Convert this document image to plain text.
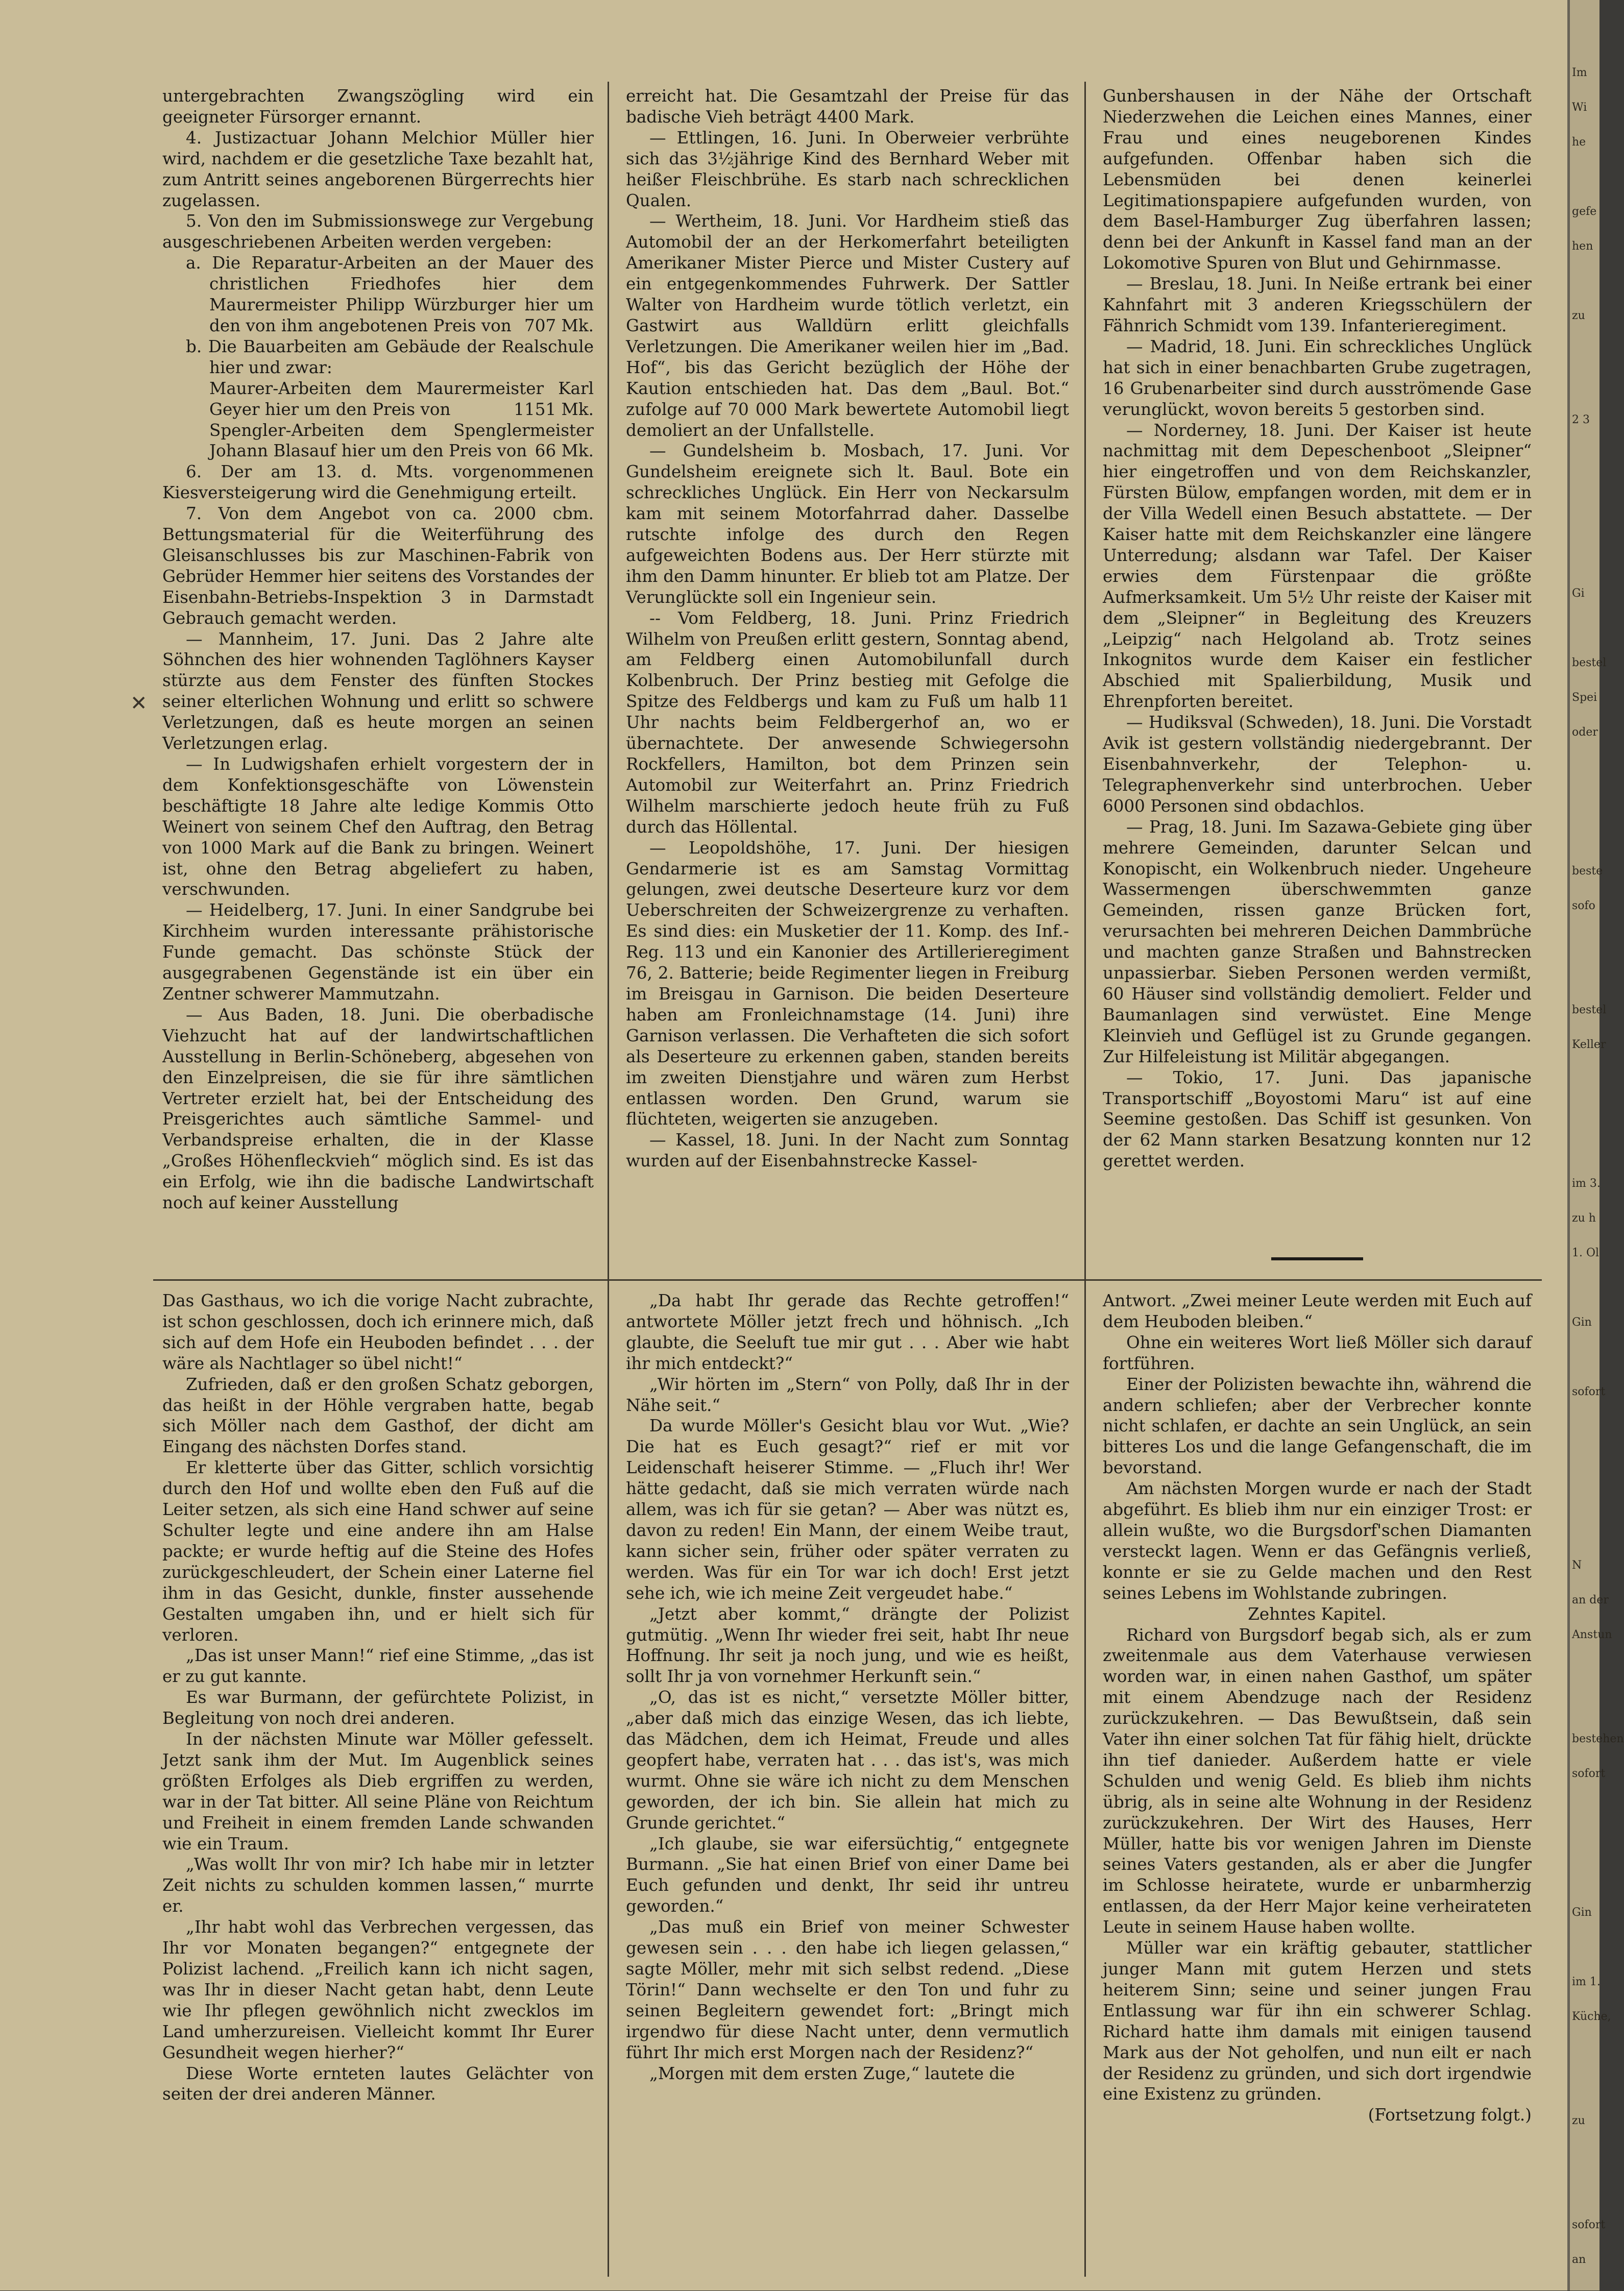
untergebrachten Zwangszögling wird ein geeigneter Fürsorger ernannt.

4. Justizactuar Johann Melchior Müller hier wird, nachdem er die gesetzliche Taxe bezahlt hat, zum Antritt seines angeborenen Bürgerrechts hier zugelassen.

5. Von den im Submissionswege zur Vergebung ausgeschriebenen Arbeiten werden vergeben:

a. Die Reparatur-Arbeiten an der Mauer des christlichen Friedhofes hier dem Maurermeister Philipp Würzburger hier um den von ihm angebotenen Preis von 707 Mk.

b. Die Bauarbeiten am Gebäude der Realschule hier und zwar:

Maurer-Arbeiten dem Maurermeister Karl Geyer hier um den Preis von	1151 Mk.

Spengler-Arbeiten dem Spenglermeister Johann Blasauf hier um den Preis von 66 Mk.

6. Der am 13. d. Mts. vorgenommenen Kiesversteigerung wird die Genehmigung erteilt.

7. Von dem Angebot von ca. 2000 cbm. Bettungsmaterial für die Weiterführung des Gleisanschlusses bis zur Maschinen-Fabrik von Gebrüder Hemmer hier seitens des Vorstandes der Eisenbahn-Betriebs-Inspektion 3 in Darmstadt Gebrauch gemacht werden.

— Mannheim, 17. Juni. Das 2 Jahre alte Söhnchen des hier wohnenden Taglöhners Kayser stürzte aus dem Fenster des fünften Stockes seiner elterlichen Wohnung und erlitt so schwere Verletzungen, daß es heute morgen an seinen Verletzungen erlag.

— In Ludwigshafen erhielt vorgestern der in dem Konfektionsgeschäfte von Löwenstein beschäftigte 18 Jahre alte ledige Kommis Otto Weinert von seinem Chef den Auftrag, den Betrag von 1000 Mark auf die Bank zu bringen. Weinert ist, ohne den Betrag abgeliefert zu haben, verschwunden.

— Heidelberg, 17. Juni. In einer Sandgrube bei Kirchheim wurden interessante prähistorische Funde gemacht. Das schönste Stück der ausgegrabenen Gegenstände ist ein über ein Zentner schwerer Mammutzahn.

— Aus Baden, 18. Juni. Die oberbadische Viehzucht hat auf der landwirtschaftlichen Ausstellung in Berlin-Schöneberg, abgesehen von den Einzelpreisen, die sie für ihre sämtlichen Vertreter erzielt hat, bei der Entscheidung des Preisgerichtes auch sämtliche Sammel- und Verbandspreise erhalten, die in der Klasse „Großes Höhenfleckvieh“ möglich sind. Es ist das ein Erfolg, wie ihn die badische Landwirtschaft noch auf keiner Ausstellung

erreicht hat. Die Gesamtzahl der Preise für das badische Vieh beträgt 4400 Mark.

— Ettlingen, 16. Juni. In Oberweier verbrühte sich das 3½jährige Kind des Bernhard Weber mit heißer Fleischbrühe. Es starb nach schrecklichen Qualen.

— Wertheim, 18. Juni. Vor Hardheim stieß das Automobil der an der Herkomerfahrt beteiligten Amerikaner Mister Pierce und Mister Custery auf ein entgegenkommendes Fuhrwerk. Der Sattler Walter von Hardheim wurde tötlich verletzt, ein Gastwirt aus Walldürn erlitt gleichfalls Verletzungen. Die Amerikaner weilen hier im „Bad. Hof“, bis das Gericht bezüglich der Höhe der Kaution entschieden hat. Das dem „Baul. Bot.“ zufolge auf 70 000 Mark bewertete Automobil liegt demoliert an der Unfallstelle.

— Gundelsheim b. Mosbach, 17. Juni. Vor Gundelsheim ereignete sich lt. Baul. Bote ein schreckliches Unglück. Ein Herr von Neckarsulm kam mit seinem Motorfahrrad daher. Dasselbe rutschte infolge des durch den Regen aufgeweichten Bodens aus. Der Herr stürzte mit ihm den Damm hinunter. Er blieb tot am Platze. Der Verunglückte soll ein Ingenieur sein.

-- Vom Feldberg, 18. Juni. Prinz Friedrich Wilhelm von Preußen erlitt gestern, Sonntag abend, am Feldberg einen Automobilunfall durch Kolbenbruch. Der Prinz bestieg mit Gefolge die Spitze des Feldbergs und kam zu Fuß um halb 11 Uhr nachts beim Feldbergerhof an, wo er übernachtete. Der anwesende Schwiegersohn Rockfellers, Hamilton, bot dem Prinzen sein Automobil zur Weiterfahrt an. Prinz Friedrich Wilhelm marschierte jedoch heute früh zu Fuß durch das Höllental.

— Leopoldshöhe, 17. Juni. Der hiesigen Gendarmerie ist es am Samstag Vormittag gelungen, zwei deutsche Deserteure kurz vor dem Ueberschreiten der Schweizergrenze zu verhaften. Es sind dies: ein Musketier der 11. Komp. des Inf.-Reg. 113 und ein Kanonier des Artillerieregiment 76, 2. Batterie; beide Regimenter liegen in Freiburg im Breisgau in Garnison. Die beiden Deserteure haben am Fronleichnamstage (14. Juni) ihre Garnison verlassen. Die Verhafteten die sich sofort als Deserteure zu erkennen gaben, standen bereits im zweiten Dienstjahre und wären zum Herbst entlassen worden. Den Grund, warum sie flüchteten, weigerten sie anzugeben.

— Kassel, 18. Juni. In der Nacht zum Sonntag wurden auf der Eisenbahnstrecke Kassel-

Gunbershausen in der Nähe der Ortschaft Niederzwehen die Leichen eines Mannes, einer Frau und eines neugeborenen Kindes aufgefunden. Offenbar haben sich die Lebensmüden bei denen keinerlei Legitimationspapiere aufgefunden wurden, von dem Basel-Hamburger Zug überfahren lassen; denn bei der Ankunft in Kassel fand man an der Lokomotive Spuren von Blut und Gehirnmasse.

— Breslau, 18. Juni. In Neiße ertrank bei einer Kahnfahrt mit 3 anderen Kriegsschülern der Fähnrich Schmidt vom 139. Infanterieregiment.

— Madrid, 18. Juni. Ein schreckliches Unglück hat sich in einer benachbarten Grube zugetragen, 16 Grubenarbeiter sind durch ausströmende Gase verunglückt, wovon bereits 5 gestorben sind.

— Norderney, 18. Juni. Der Kaiser ist heute nachmittag mit dem Depeschenboot „Sleipner“ hier eingetroffen und von dem Reichskanzler, Fürsten Bülow, empfangen worden, mit dem er in der Villa Wedell einen Besuch abstattete. — Der Kaiser hatte mit dem Reichskanzler eine längere Unterredung; alsdann war Tafel. Der Kaiser erwies dem Fürstenpaar die größte Aufmerksamkeit. Um 5½ Uhr reiste der Kaiser mit dem „Sleipner“ in Begleitung des Kreuzers „Leipzig“ nach Helgoland ab. Trotz seines Inkognitos wurde dem Kaiser ein festlicher Abschied mit Spalierbildung, Musik und Ehrenpforten bereitet.

— Hudiksval (Schweden), 18. Juni. Die Vorstadt Avik ist gestern vollständig niedergebrannt. Der Eisenbahnverkehr, der Telephon- u. Telegraphenverkehr sind unterbrochen. Ueber 6000 Personen sind obdachlos.

— Prag, 18. Juni. Im Sazawa-Gebiete ging über mehrere Gemeinden, darunter Selcan und Konopischt, ein Wolkenbruch nieder. Ungeheure Wassermengen überschwemmten ganze Gemeinden, rissen ganze Brücken fort, verursachten bei mehreren Deichen Dammbrüche und machten ganze Straßen und Bahnstrecken unpassierbar. Sieben Personen werden vermißt, 60 Häuser sind vollständig demoliert. Felder und Baumanlagen sind verwüstet. Eine Menge Kleinvieh und Geflügel ist zu Grunde gegangen. Zur Hilfeleistung ist Militär abgegangen.

— Tokio, 17. Juni. Das japanische Transportschiff „Boyostomi Maru“ ist auf eine Seemine gestoßen. Das Schiff ist gesunken. Von der 62 Mann starken Besatzung konnten nur 12 gerettet werden.

Das Gasthaus, wo ich die vorige Nacht zubrachte, ist schon geschlossen, doch ich erinnere mich, daß sich auf dem Hofe ein Heuboden befindet . . . der wäre als Nachtlager so übel nicht!“

Zufrieden, daß er den großen Schatz geborgen, das heißt in der Höhle vergraben hatte, begab sich Möller nach dem Gasthof, der dicht am Eingang des nächsten Dorfes stand.

Er kletterte über das Gitter, schlich vorsichtig durch den Hof und wollte eben den Fuß auf die Leiter setzen, als sich eine Hand schwer auf seine Schulter legte und eine andere ihn am Halse packte; er wurde heftig auf die Steine des Hofes zurückgeschleudert, der Schein einer Laterne fiel ihm in das Gesicht, dunkle, finster aussehende Gestalten umgaben ihn, und er hielt sich für verloren.

„Das ist unser Mann!“ rief eine Stimme, „das ist er zu gut kannte.

Es war Burmann, der gefürchtete Polizist, in Begleitung von noch drei anderen.

In der nächsten Minute war Möller gefesselt. Jetzt sank ihm der Mut. Im Augenblick seines größten Erfolges als Dieb ergriffen zu werden, war in der Tat bitter. All seine Pläne von Reichtum und Freiheit in einem fremden Lande schwanden wie ein Traum.

„Was wollt Ihr von mir? Ich habe mir in letzter Zeit nichts zu schulden kommen lassen,“ murrte er.

„Ihr habt wohl das Verbrechen vergessen, das Ihr vor Monaten begangen?“ entgegnete der Polizist lachend. „Freilich kann ich nicht sagen, was Ihr in dieser Nacht getan habt, denn Leute wie Ihr pflegen gewöhnlich nicht zwecklos im Land umherzureisen. Vielleicht kommt Ihr Eurer Gesundheit wegen hierher?“

Diese Worte ernteten lautes Gelächter von seiten der drei anderen Männer.

„Da habt Ihr gerade das Rechte getroffen!“ antwortete Möller jetzt frech und höhnisch. „Ich glaubte, die Seeluft tue mir gut . . . Aber wie habt ihr mich entdeckt?“

„Wir hörten im „Stern“ von Polly, daß Ihr in der Nähe seit.“

Da wurde Möller's Gesicht blau vor Wut. „Wie? Die hat es Euch gesagt?“ rief er mit vor Leidenschaft heiserer Stimme. — „Fluch ihr! Wer hätte gedacht, daß sie mich verraten würde nach allem, was ich für sie getan? — Aber was nützt es, davon zu reden! Ein Mann, der einem Weibe traut, kann sicher sein, früher oder später verraten zu werden. Was für ein Tor war ich doch! Erst jetzt sehe ich, wie ich meine Zeit vergeudet habe.“

„Jetzt aber kommt,“ drängte der Polizist gutmütig. „Wenn Ihr wieder frei seit, habt Ihr neue Hoffnung. Ihr seit ja noch jung, und wie es heißt, sollt Ihr ja von vornehmer Herkunft sein.“

„O, das ist es nicht,“ versetzte Möller bitter, „aber daß mich das einzige Wesen, das ich liebte, das Mädchen, dem ich Heimat, Freude und alles geopfert habe, verraten hat . . . das ist's, was mich wurmt. Ohne sie wäre ich nicht zu dem Menschen geworden, der ich bin. Sie allein hat mich zu Grunde gerichtet.“

„Ich glaube, sie war eifersüchtig,“ entgegnete Burmann. „Sie hat einen Brief von einer Dame bei Euch gefunden und denkt, Ihr seid ihr untreu geworden.“

„Das muß ein Brief von meiner Schwester gewesen sein . . . den habe ich liegen gelassen,“ sagte Möller, mehr mit sich selbst redend. „Diese Törin!“ Dann wechselte er den Ton und fuhr zu seinen Begleitern gewendet fort: „Bringt mich irgendwo für diese Nacht unter, denn vermutlich führt Ihr mich erst Morgen nach der Residenz?“

„Morgen mit dem ersten Zuge,“ lautete die

Antwort. „Zwei meiner Leute werden mit Euch auf dem Heuboden bleiben.“

Ohne ein weiteres Wort ließ Möller sich darauf fortführen.

Einer der Polizisten bewachte ihn, während die andern schliefen; aber der Verbrecher konnte nicht schlafen, er dachte an sein Unglück, an sein bitteres Los und die lange Gefangenschaft, die im bevorstand.

Am nächsten Morgen wurde er nach der Stadt abgeführt. Es blieb ihm nur ein einziger Trost: er allein wußte, wo die Burgsdorf'schen Diamanten versteckt lagen. Wenn er das Gefängnis verließ, konnte er sie zu Gelde machen und den Rest seines Lebens im Wohlstande zubringen.

Zehntes Kapitel.

Richard von Burgsdorf begab sich, als er zum zweitenmale aus dem Vaterhause verwiesen worden war, in einen nahen Gasthof, um später mit einem Abendzuge nach der Residenz zurückzukehren. — Das Bewußtsein, daß sein Vater ihn einer solchen Tat für fähig hielt, drückte ihn tief danieder. Außerdem hatte er viele Schulden und wenig Geld. Es blieb ihm nichts übrig, als in seine alte Wohnung in der Residenz zurückzukehren. Der Wirt des Hauses, Herr Müller, hatte bis vor wenigen Jahren im Dienste seines Vaters gestanden, als er aber die Jungfer im Schlosse heiratete, wurde er unbarmherzig entlassen, da der Herr Major keine verheirateten Leute in seinem Hause haben wollte.

Müller war ein kräftig gebauter, stattlicher junger Mann mit gutem Herzen und stets heiterem Sinn; seine und seiner jungen Frau Entlassung war für ihn ein schwerer Schlag. Richard hatte ihm damals mit einigen tausend Mark aus der Not geholfen, und nun eilt er nach der Residenz zu gründen, und sich dort irgendwie eine Existenz zu gründen.

(Fortsetzung folgt.)

✕
Im
Wi
he
gefe
hen
zu
2 3
Gi
bestel
Spei
oder
beste
sofo
bestel
Keller
im 3.
zu h
1. Ol
Gin
sofort
N
an der
Anstun
bestehen
sofort
Gin
im 1.
Küche,
zu
sofort
an
